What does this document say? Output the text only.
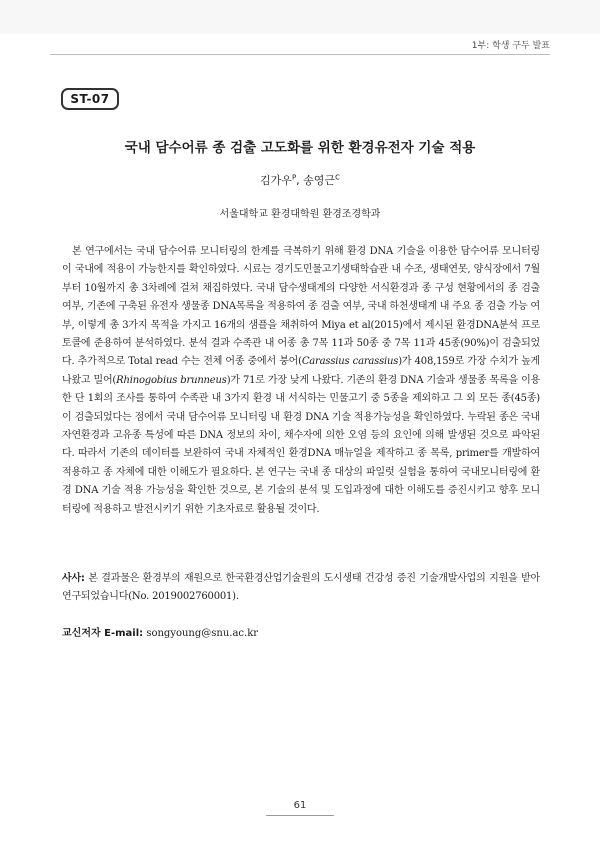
1부: 학생 구두 발표
ST-07
국내 담수어류 종 검출 고도화를 위한 환경유전자 기술 적용
김가우$^P$, 송영근$^C$
서울대학교 환경대학원 환경조경학과

본 연구에서는 국내 담수어류 모니터링의 한계를 극복하기 위해 환경 DNA 기술을 이용한 담수어류 모니터링이 국내에 적용이 가능한지를 확인하였다. 시료는 경기도민물고기생태학습관 내 수조, 생태연못, 양식장에서 7월부터 10월까지 총 3차례에 걸쳐 채집하였다. 국내 담수생태계의 다양한 서식환경과 종 구성 현황에서의 종 검출 여부, 기존에 구축된 유전자 생물종 DNA목록을 적용하여 종 검출 여부, 국내 하천생태계 내 주요 종 검출 가능 여부, 이렇게 총 3가지 목적을 가지고 16개의 샘플을 채취하여 Miya et al(2015)에서 제시된 환경DNA분석 프로토콜에 준용하여 분석하였다. 분석 결과 수족관 내 어종 총 7목 11과 50종 중 7목 11과 45종(90%)이 검출되었다. 추가적으로 Total read 수는 전체 어종 중에서 붕어(Carassius carassius)가 408,159로 가장 수치가 높게 나왔고 밀어(Rhinogobius brunneus)가 71로 가장 낮게 나왔다. 기존의 환경 DNA 기술과 생물종 목록을 이용한 단 1회의 조사를 통하여 수족관 내 3가지 환경 내 서식하는 민물고기 중 5종을 제외하고 그 외 모든 종(45종)이 검출되었다는 점에서 국내 담수어류 모니터링 내 환경 DNA 기술 적용가능성을 확인하였다. 누락된 종은 국내 자연환경과 고유종 특성에 따른 DNA 정보의 차이, 채수자에 의한 오염 등의 요인에 의해 발생된 것으로 파악된다. 따라서 기존의 데이터를 보완하여 국내 자체적인 환경DNA 매뉴얼을 제작하고 종 목록, primer를 개발하여 적용하고 종 자체에 대한 이해도가 필요하다. 본 연구는 국내 종 대상의 파일럿 실험을 통하여 국내모니터링에 환경 DNA 기술 적용 가능성을 확인한 것으로, 본 기술의 분석 및 도입과정에 대한 이해도를 증진시키고 향후 모니터링에 적용하고 발전시키기 위한 기초자료로 활용될 것이다.

사사: 본 결과물은 환경부의 재원으로 한국환경산업기술원의 도시생태 건강성 증진 기술개발사업의 지원을 받아 연구되었습니다(No. 2019002760001).

교신저자 E-mail: songyoung@snu.ac.kr
61
